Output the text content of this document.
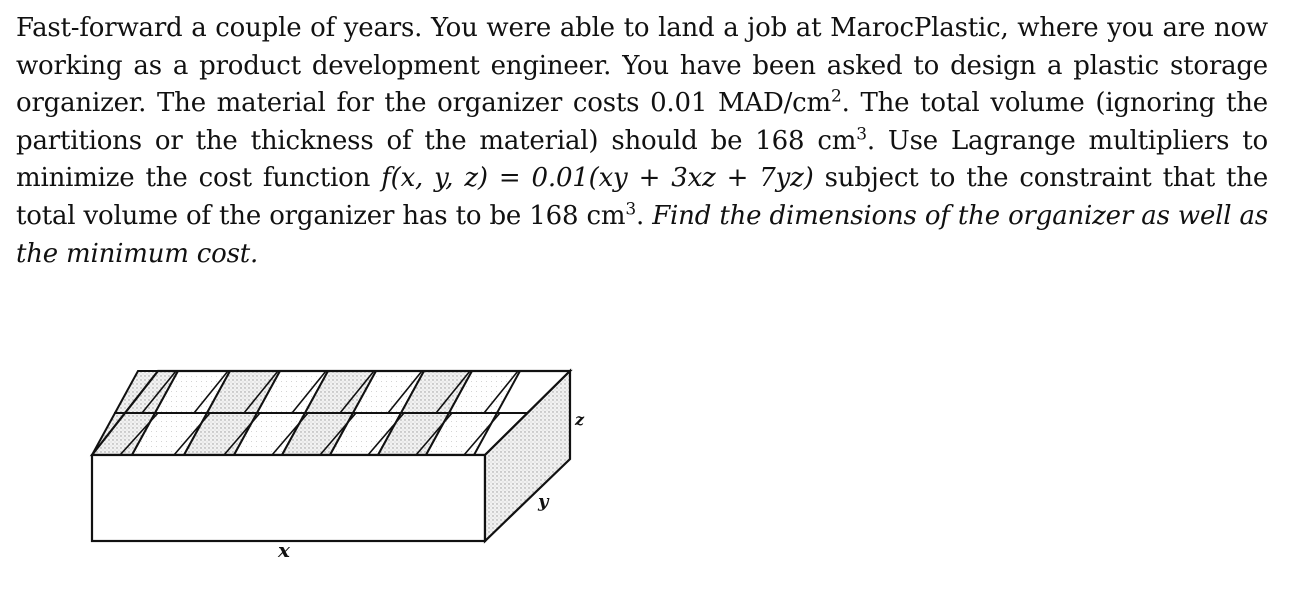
Fast-forward a couple of years. You were able to land a job at MarocPlastic, where you are now working as a product development engineer. You have been asked to design a plastic storage organizer. The material for the organizer costs 0.01 MAD/$cm^2$. The total volume (ignoring the partitions or the thickness of the material) should be 168 $cm^3$. Use Lagrange multipliers to minimize the cost function f(x, y, z) = 0.01(xy + 3xz + 7yz) subject to the constraint that the total volume of the organizer has to be 168 $cm^3$. Find the dimensions of the organizer as well as the minimum cost.
x
y
z
